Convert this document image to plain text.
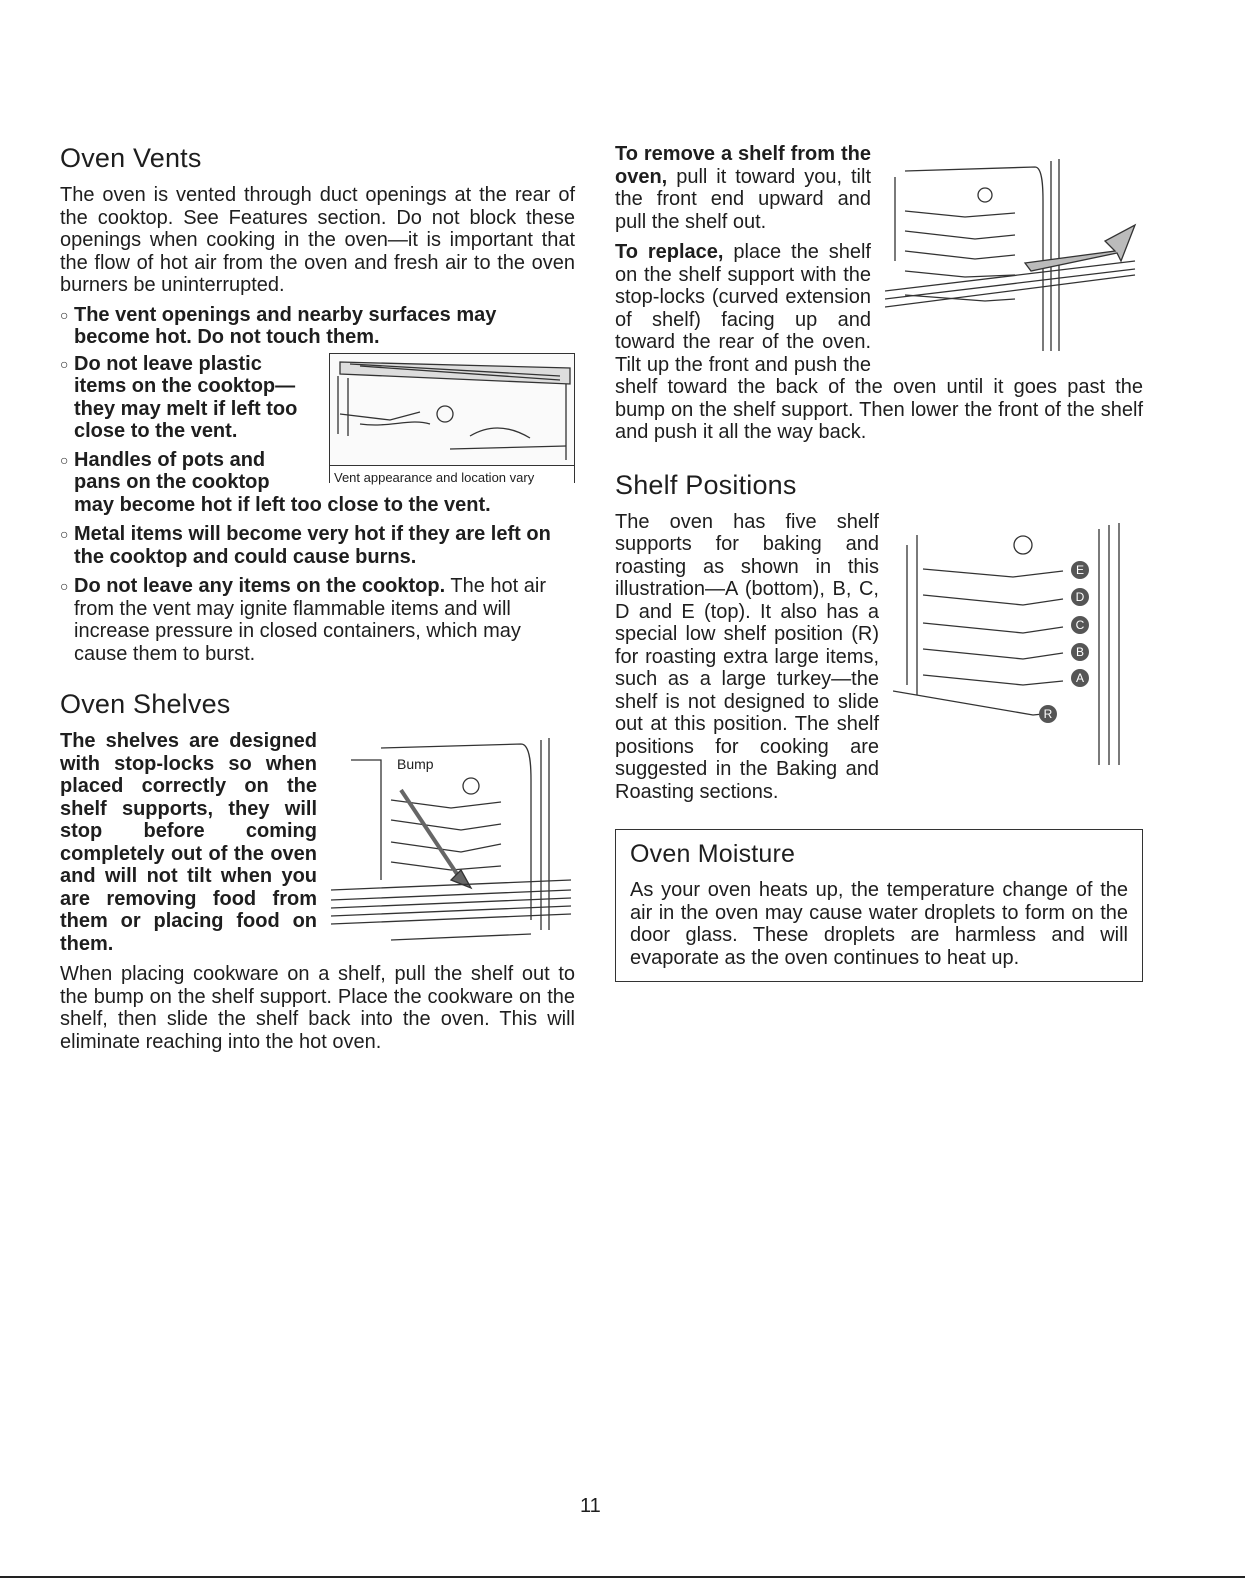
Oven Vents

The oven is vented through duct openings at the rear of the cooktop. See Features section. Do not block these openings when cooking in the oven—it is important that the flow of hot air from the oven and fresh air to the oven burners be uninterrupted.

○ The vent openings and nearby surfaces may become hot. Do not touch them.
Vent appearance and location vary
○ Do not leave plastic items on the cooktop—they may melt if left too close to the vent.
○ Handles of pots and pans on the cooktop may become hot if left too close to the vent.
○ Metal items will become very hot if they are left on the cooktop and could cause burns.
○ Do not leave any items on the cooktop. The hot air from the vent may ignite flammable items and will increase pressure in closed containers, which may cause them to burst.
Oven Shelves
Bump

The shelves are designed with stop-locks so when placed correctly on the shelf supports, they will stop before coming completely out of the oven and will not tilt when you are removing food from them or placing food on them.

When placing cookware on a shelf, pull the shelf out to the bump on the shelf support. Place the cookware on the shelf, then slide the shelf back into the oven. This will eliminate reaching into the hot oven.

To remove a shelf from the oven, pull it toward you, tilt the front end upward and pull the shelf out.

To replace, place the shelf on the shelf support with the stop-locks (curved extension of shelf) facing up and toward the rear of the oven. Tilt up the front and push the shelf toward the back of the oven until it goes past the bump on the shelf support. Then lower the front of the shelf and push it all the way back.

Shelf Positions
E
D
C
B
A
R

The oven has five shelf supports for baking and roasting as shown in this illustration—A (bottom), B, C, D and E (top). It also has a special low shelf position (R) for roasting extra large items, such as a large turkey—the shelf is not designed to slide out at this position. The shelf positions for cooking are suggested in the Baking and Roasting sections.

Oven Moisture

As your oven heats up, the temperature change of the air in the oven may cause water droplets to form on the door glass. These droplets are harmless and will evaporate as the oven continues to heat up.

11
